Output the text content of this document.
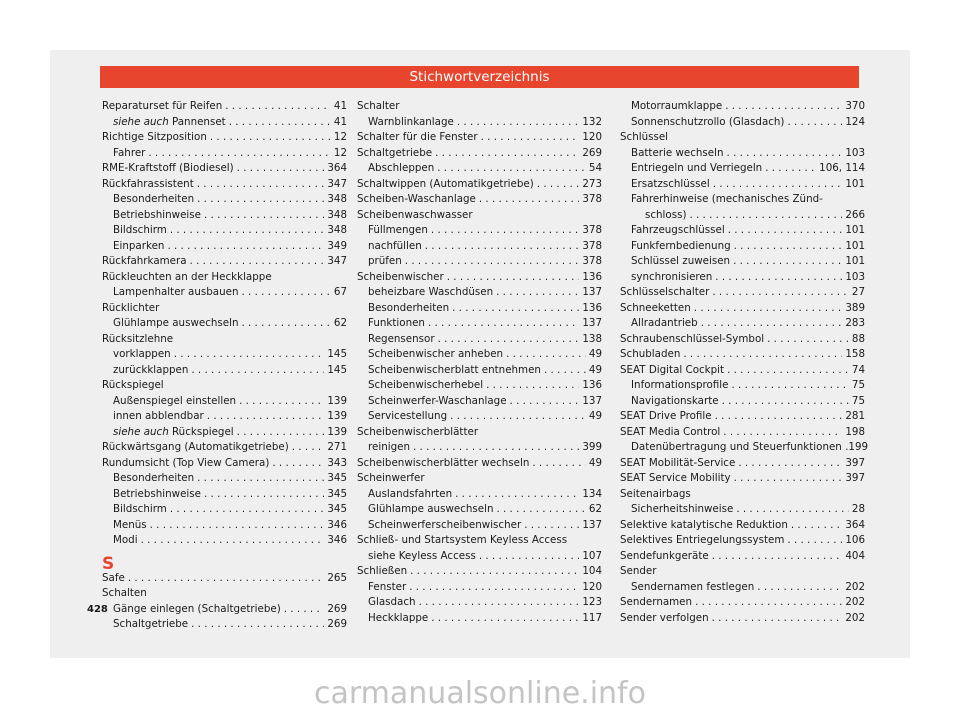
Stichwortverzeichnis
Reparaturset für Reifen . . .	41
siehe auch Pannenset . . .	41
Richtige Sitzposition . . .	12
Fahrer . . .	12
RME-Kraftstoff (Biodiesel) . . .	364
Rückfahrassistent . . .	347
Besonderheiten . . .	348
Betriebshinweise . . .	348
Bildschirm . . .	348
Einparken . . .	349
Rückfahrkamera . . .	347
Rückleuchten an der Heckklappe
Lampenhalter ausbauen . . .	67
Rücklichter
Glühlampe auswechseln . . .	62
Rücksitzlehne
vorklappen . . .	145
zurückklappen . . .	145
Rückspiegel
Außenspiegel einstellen . . .	139
innen abblendbar . . .	139
siehe auch Rückspiegel . . .	139
Rückwärtsgang (Automatikgetriebe) . . .	271
Rundumsicht (Top View Camera) . . .	343
Besonderheiten . . .	345
Betriebshinweise . . .	345
Bildschirm . . .	345
Menüs . . .	346
Modi . . .	346
S
Safe . . .	265
Schalten
Gänge einlegen (Schaltgetriebe) . . .	269
Schaltgetriebe . . .	269
Schalter
Warnblinkanlage . . .	132
Schalter für die Fenster . . .	120
Schaltgetriebe . . .	269
Abschleppen . . .	54
Schaltwippen (Automatikgetriebe) . . .	273
Scheiben-Waschanlage . . .	378
Scheibenwaschwasser
Füllmengen . . .	378
nachfüllen . . .	378
prüfen . . .	378
Scheibenwischer . . .	136
beheizbare Waschdüsen . . .	137
Besonderheiten . . .	136
Funktionen . . .	137
Regensensor . . .	138
Scheibenwischer anheben . . .	49
Scheibenwischerblatt entnehmen . . .	49
Scheibenwischerhebel . . .	136
Scheinwerfer-Waschanlage . . .	137
Servicestellung . . .	49
Scheibenwischerblätter
reinigen . . .	399
Scheibenwischerblätter wechseln . . .	49
Scheinwerfer
Auslandsfahrten . . .	134
Glühlampe auswechseln . . .	62
Scheinwerferscheibenwischer . . .	137
Schließ- und Startsystem Keyless Access
siehe Keyless Access . . .	107
Schließen . . .	104
Fenster . . .	120
Glasdach . . .	123
Heckklappe . . .	117
Motorraumklappe . . .	370
Sonnenschutzrollo (Glasdach) . . .	124
Schlüssel
Batterie wechseln . . .	103
Entriegeln und Verriegeln . . .	106, 114
Ersatzschlüssel . . .	101
Fahrerhinweise (mechanisches Zünd-
schloss) . . .	266
Fahrzeugschlüssel . . .	101
Funkfernbedienung . . .	101
Schlüssel zuweisen . . .	101
synchronisieren . . .	103
Schlüsselschalter . . .	27
Schneeketten . . .	389
Allradantrieb . . .	283
Schraubenschlüssel-Symbol . . .	88
Schubladen . . .	158
SEAT Digital Cockpit . . .	74
Informationsprofile . . .	75
Navigationskarte . . .	75
SEAT Drive Profile . . .	281
SEAT Media Control . . .	198
Datenübertragung und Steuerfunktionen . 199
SEAT Mobilität-Service . . .	397
SEAT Service Mobility . . .	397
Seitenairbags
Sicherheitshinweise . . .	28
Selektive katalytische Reduktion . . .	364
Selektives Entriegelungssystem . . .	106
Sendefunkgeräte . . .	404
Sender
Sendernamen festlegen . . .	202
Sendernamen . . .	202
Sender verfolgen . . .	202
428
carmanualsonline.info
